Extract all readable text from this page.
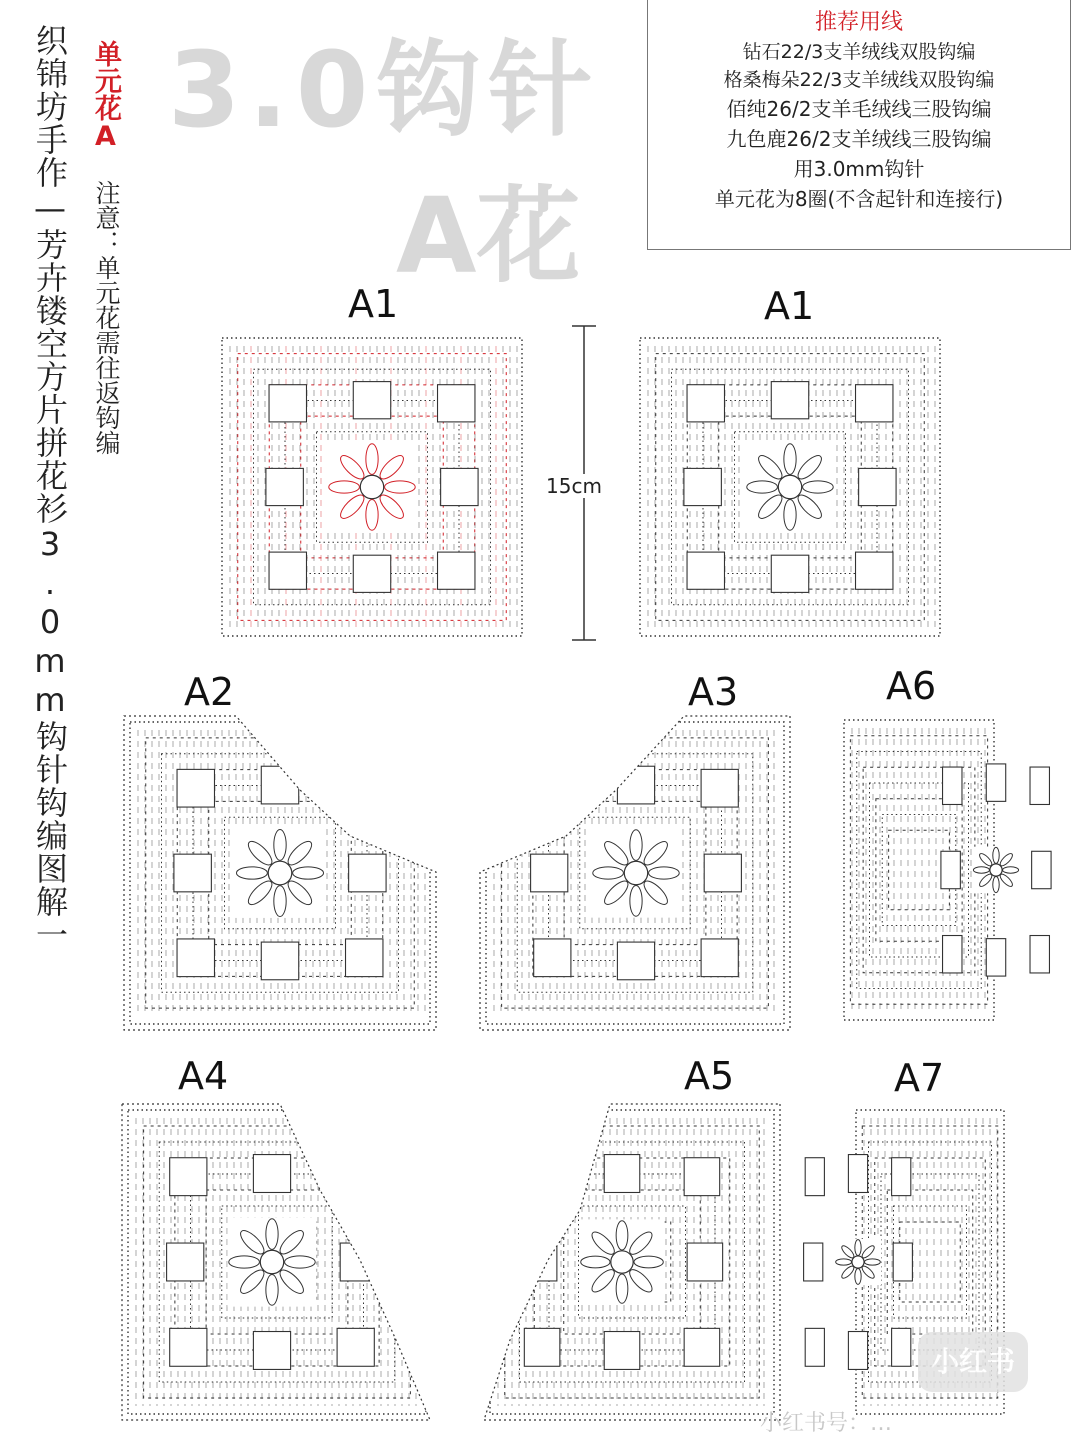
织锦坊手作—芳卉镂空方片拼花衫3.0mm钩针钩编图解一 单元花A
注意：单元花需往返钩编
3.0钩针
A花
推荐用线
钻石22/3支羊绒线双股钩编
格桑梅朵22/3支羊绒线双股钩编
佰纯26/2支羊毛绒线三股钩编
九色鹿26/2支羊绒线三股钩编
用3.0mm钩针
单元花为8圈(不含起针和连接行)
A1	A1
A2	A3	A6
A4	A5	A7
15cm
小红书
小红书号：…
